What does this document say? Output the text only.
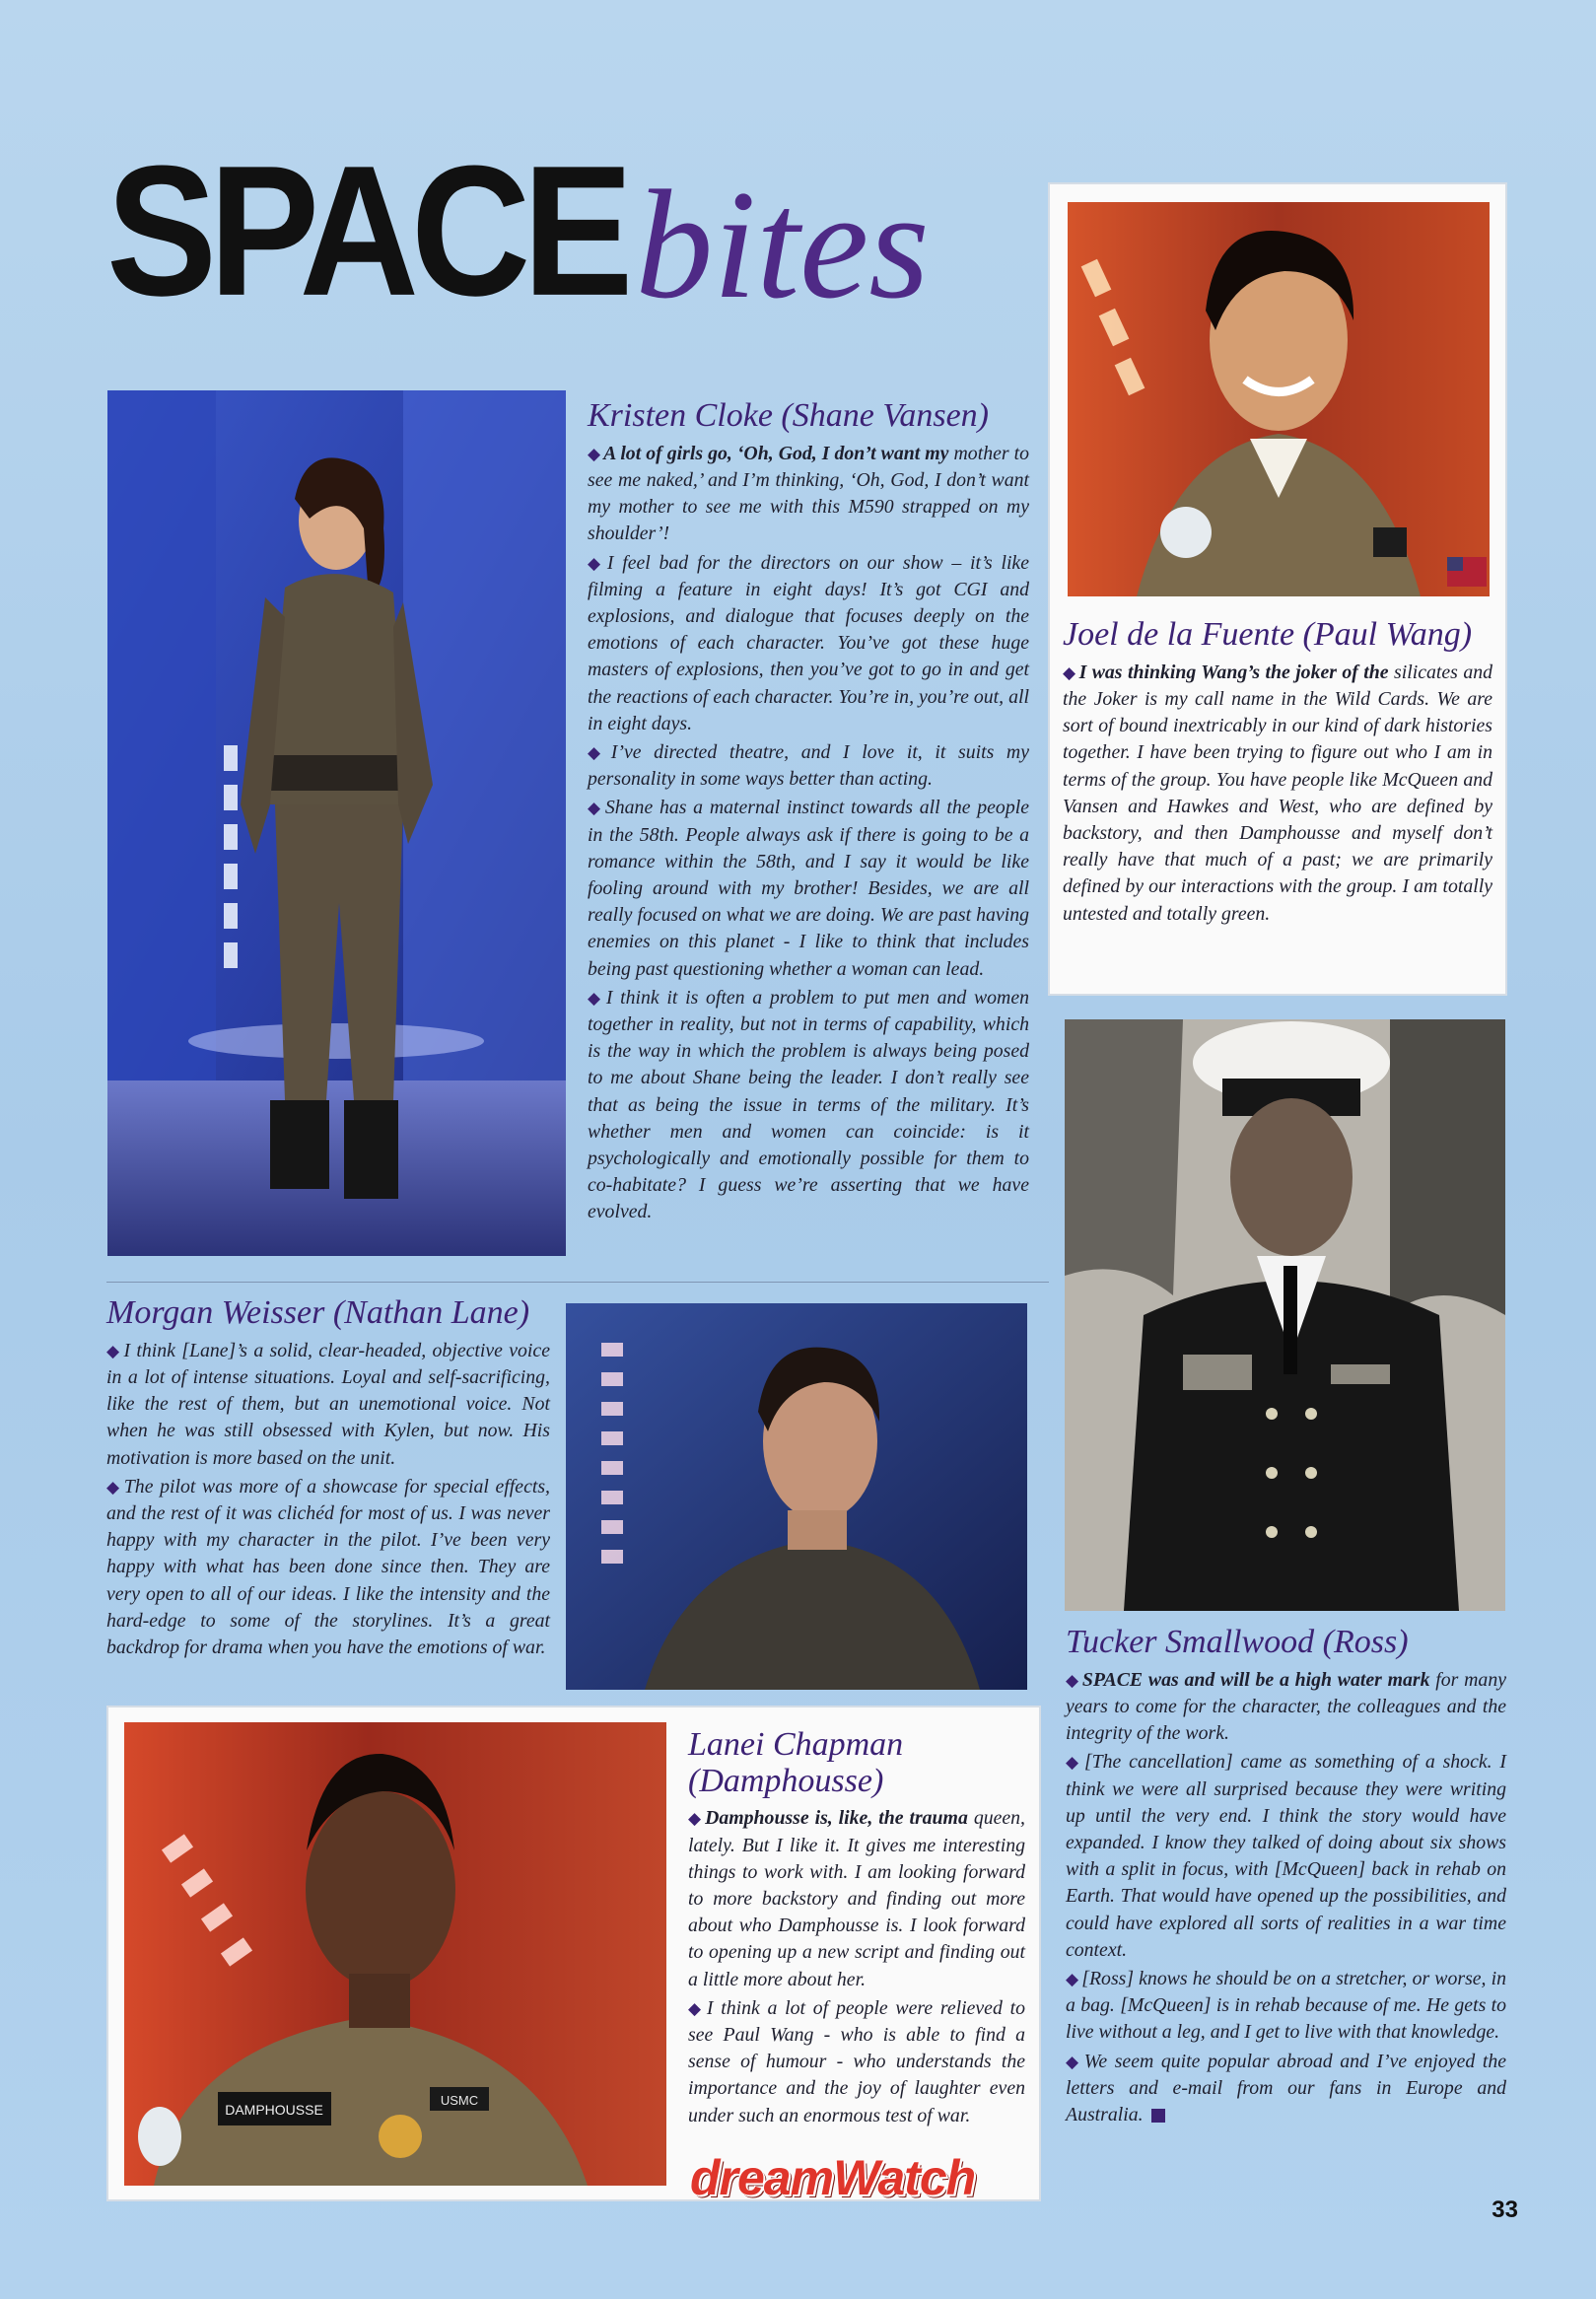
SPACEbites
Kristen Cloke (Shane Vansen)

◆ A lot of girls go, ‘Oh, God, I don’t want my mother to see me naked,’ and I’m thinking, ‘Oh, God, I don’t want my mother to see me with this M590 strapped on my shoulder’!

◆ I feel bad for the directors on our show – it’s like filming a feature in eight days! It’s got CGI and explosions, and dialogue that focuses deeply on the emotions of each character. You’ve got these huge masters of explosions, then you’ve got to go in and get the reactions of each character. You’re in, you’re out, all in eight days.

◆ I’ve directed theatre, and I love it, it suits my personality in some ways better than acting.

◆ Shane has a maternal instinct towards all the people in the 58th. People always ask if there is going to be a romance within the 58th, and I say it would be like fooling around with my brother! Besides, we are all really focused on what we are doing. We are past having enemies on this planet - I like to think that includes being past questioning whether a woman can lead.

◆ I think it is often a problem to put men and women together in reality, but not in terms of capability, which is the way in which the problem is always being posed to me about Shane being the leader. I don’t really see that as being the issue in terms of the military. It’s whether men and women can coincide: is it psychologically and emotionally possible for them to co-habitate? I guess we’re asserting that we have evolved.

Joel de la Fuente (Paul Wang)

◆ I was thinking Wang’s the joker of the silicates and the Joker is my call name in the Wild Cards. We are sort of bound inextricably in our kind of dark histories together. I have been trying to figure out who I am in terms of the group. You have people like McQueen and Vansen and Hawkes and West, who are defined by backstory, and then Damphousse and myself don’t really have that much of a past; we are primarily defined by our interactions with the group. I am totally untested and totally green.

Tucker Smallwood (Ross)

◆ SPACE was and will be a high water mark for many years to come for the character, the colleagues and the integrity of the work.

◆ [The cancellation] came as something of a shock. I think we were all surprised because they were writing up until the very end. I think the story would have expanded. I know they talked of doing about six shows with a split in focus, with [McQueen] back in rehab on Earth. That would have opened up the possibilities, and could have explored all sorts of realities in a war time context.

◆ [Ross] knows he should be on a stretcher, or worse, in a bag. [McQueen] is in rehab because of me. He gets to live without a leg, and I get to live with that knowledge.

◆ We seem quite popular abroad and I’ve enjoyed the letters and e-mail from our fans in Europe and Australia.

Morgan Weisser (Nathan Lane)

◆ I think [Lane]’s a solid, clear-headed, objective voice in a lot of intense situations. Loyal and self-sacrificing, like the rest of them, but an unemotional voice. Not when he was still obsessed with Kylen, but now. His motivation is more based on the unit.

◆ The pilot was more of a showcase for special effects, and the rest of it was clichéd for most of us. I was never happy with my character in the pilot. I’ve been very happy with what has been done since then. They are very open to all of our ideas. I like the intensity and the hard-edge to some of the storylines. It’s a great backdrop for drama when you have the emotions of war.

DAMPHOUSSE
USMC
Lanei Chapman (Damphousse)

◆ Damphousse is, like, the trauma queen, lately. But I like it. It gives me interesting things to work with. I am looking forward to more backstory and finding out more about who Damphousse is. I look forward to opening up a new script and finding out a little more about her.

◆ I think a lot of people were relieved to see Paul Wang - who is able to find a sense of humour - who understands the importance and the joy of laughter even under such an enormous test of war.

dreamWatch
33
